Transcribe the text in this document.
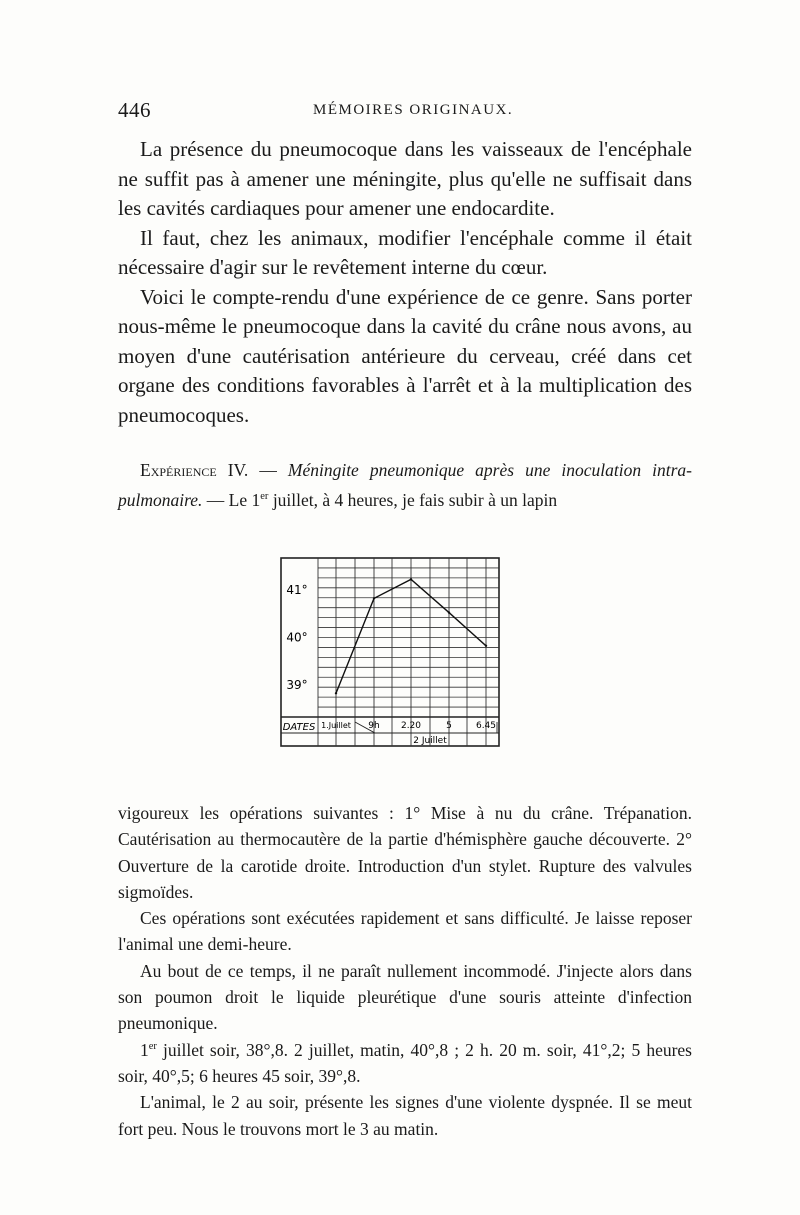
446	MÉMOIRES ORIGINAUX.

La présence du pneumocoque dans les vaisseaux de l'encéphale ne suffit pas à amener une méningite, plus qu'elle ne suffisait dans les cavités cardiaques pour amener une endocardite.

Il faut, chez les animaux, modifier l'encéphale comme il était nécessaire d'agir sur le revêtement interne du cœur.

Voici le compte-rendu d'une expérience de ce genre. Sans porter nous-même le pneumocoque dans la cavité du crâne nous avons, au moyen d'une cautérisation antérieure du cerveau, créé dans cet organe des conditions favorables à l'arrêt et à la multiplication des pneumocoques.

Expérience IV. — Méningite pneumonique après une inoculation intra-pulmonaire. — Le 1er juillet, à 4 heures, je fais subir à un lapin

41°
40°
39°
DATES 1.Juillet 9h 2.20	5	6.45
2 Juillet

vigoureux les opérations suivantes : 1° Mise à nu du crâne. Trépanation. Cautérisation au thermocautère de la partie d'hémisphère gauche découverte. 2° Ouverture de la carotide droite. Introduction d'un stylet. Rupture des valvules sigmoïdes.

Ces opérations sont exécutées rapidement et sans difficulté. Je laisse reposer l'animal une demi-heure.

Au bout de ce temps, il ne paraît nullement incommodé. J'injecte alors dans son poumon droit le liquide pleurétique d'une souris atteinte d'infection pneumonique.

1er juillet soir, 38°,8. 2 juillet, matin, 40°,8 ; 2 h. 20 m. soir, 41°,2; 5 heures soir, 40°,5; 6 heures 45 soir, 39°,8.

L'animal, le 2 au soir, présente les signes d'une violente dyspnée. Il se meut fort peu. Nous le trouvons mort le 3 au matin.
